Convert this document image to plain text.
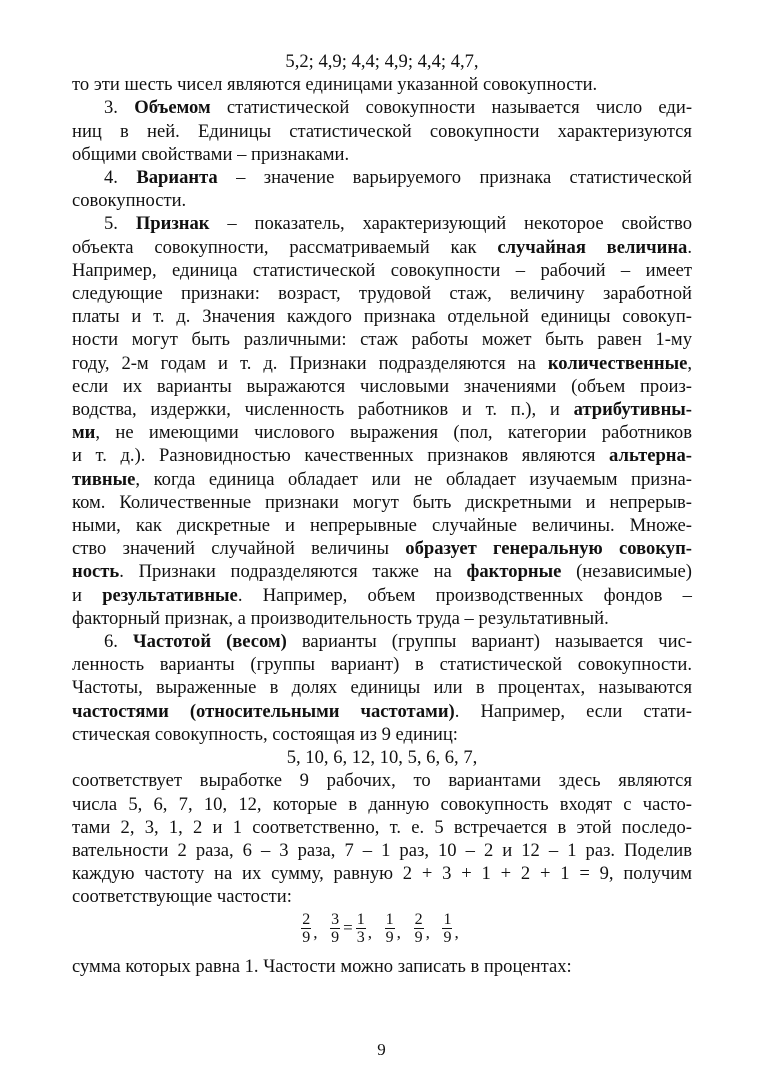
5,2; 4,9; 4,4; 4,9; 4,4; 4,7,
то эти шесть чисел являются единицами указанной совокупности.
3. Объемом статистической совокупности называется число еди-
ниц в ней. Единицы статистической совокупности характеризуются
общими свойствами – признаками.
4. Варианта – значение варьируемого признака статистической
совокупности.
5. Признак – показатель, характеризующий некоторое свойство
объекта совокупности, рассматриваемый как случайная величина.
Например, единица статистической совокупности – рабочий – имеет
следующие признаки: возраст, трудовой стаж, величину заработной
платы и т. д. Значения каждого признака отдельной единицы совокуп-
ности могут быть различными: стаж работы может быть равен 1-му
году, 2-м годам и т. д. Признаки подразделяются на количественные,
если их варианты выражаются числовыми значениями (объем произ-
водства, издержки, численность работников и т. п.), и атрибутивны-
ми, не имеющими числового выражения (пол, категории работников
и т. д.). Разновидностью качественных признаков являются альтерна-
тивные, когда единица обладает или не обладает изучаемым призна-
ком. Количественные признаки могут быть дискретными и непрерыв-
ными, как дискретные и непрерывные случайные величины. Множе-
ство значений случайной величины образует генеральную совокуп-
ность. Признаки подразделяются также на факторные (независимые)
и результативные. Например, объем производственных фондов –
факторный признак, а производительность труда – результативный.
6. Частотой (весом) варианты (группы вариант) называется чис-
ленность варианты (группы вариант) в статистической совокупности.
Частоты, выраженные в долях единицы или в процентах, называются
частостями (относительными частотами). Например, если стати-
стическая совокупность, состоящая из 9 единиц:
5, 10, 6, 12, 10, 5, 6, 6, 7,
соответствует выработке 9 рабочих, то вариантами здесь являются
числа 5, 6, 7, 10, 12, которые в данную совокупность входят с часто-
тами 2, 3, 1, 2 и 1 соответственно, т. е. 5 встречается в этой последо-
вательности 2 раза, 6 – 3 раза, 7 – 1 раз, 10 – 2 и 12 – 1 раз. Поделив
каждую частоту на их сумму, равную 2 + 3 + 1 + 2 + 1 = 9, получим
соответствующие частости:
$\frac{2}{9}$ , $\frac{3}{9} = \frac{1}{3}$ , $\frac{1}{9}$ , $\frac{2}{9}$ , $\frac{1}{9}$ ,
сумма которых равна 1. Частости можно записать в процентах:
9
